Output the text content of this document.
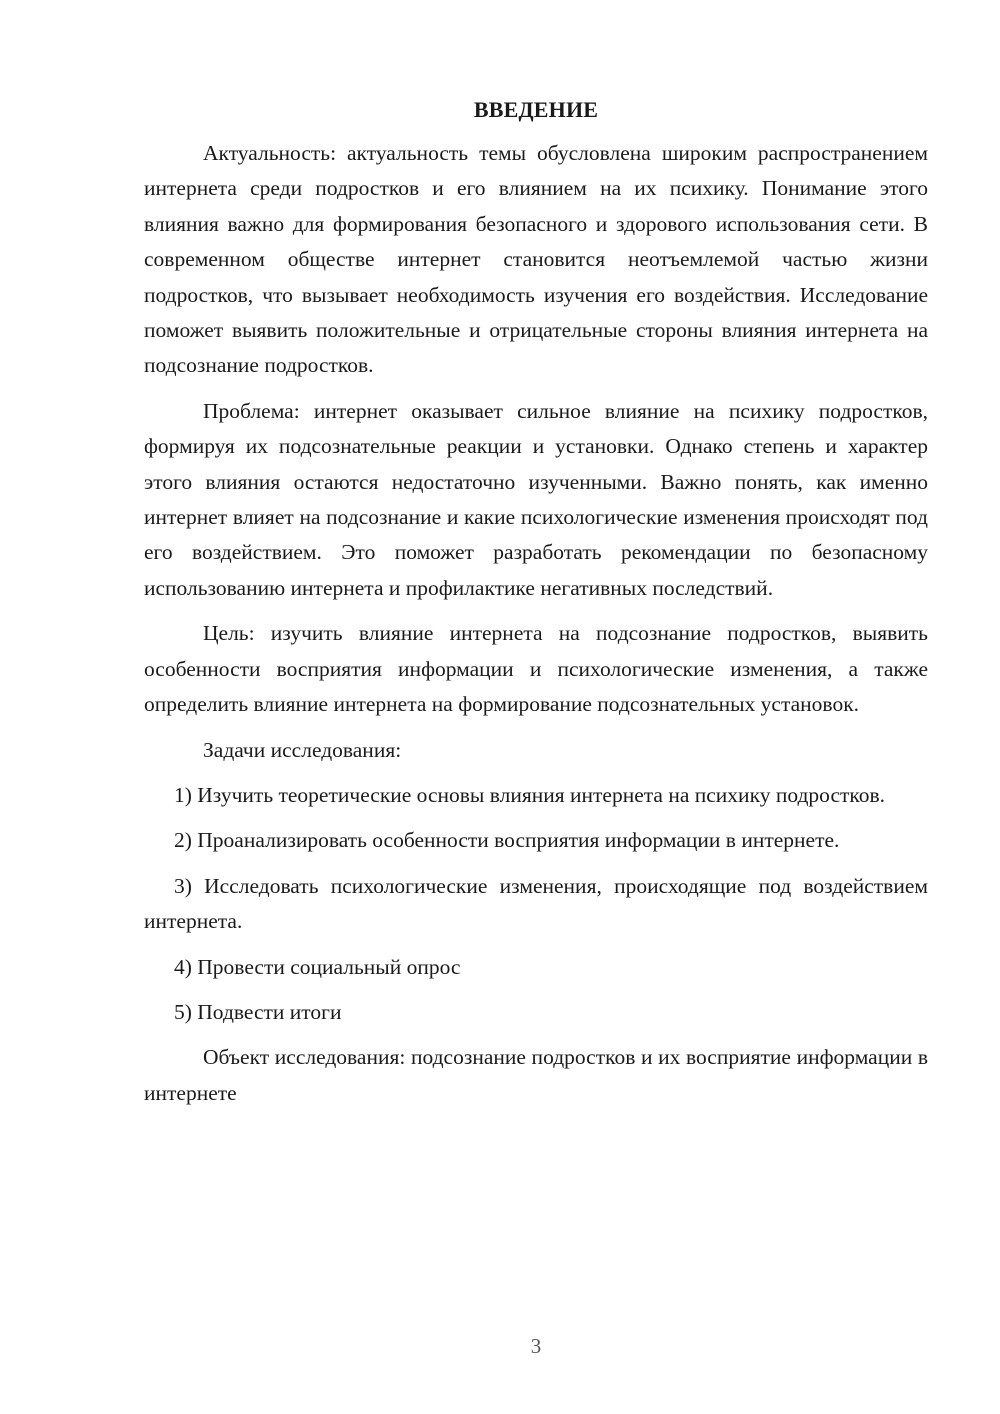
ВВЕДЕНИЕ

Актуальность: актуальность темы обусловлена широким распространением интернета среди подростков и его влиянием на их психику. Понимание этого влияния важно для формирования безопасного и здорового использования сети. В современном обществе интернет становится неотъемлемой частью жизни подростков, что вызывает необходимость изучения его воздействия. Исследование поможет выявить положительные и отрицательные стороны влияния интернета на подсознание подростков.

Проблема: интернет оказывает сильное влияние на психику подростков, формируя их подсознательные реакции и установки. Однако степень и характер этого влияния остаются недостаточно изученными. Важно понять, как именно интернет влияет на подсознание и какие психологические изменения происходят под его воздействием. Это поможет разработать рекомендации по безопасному использованию интернета и профилактике негативных последствий.

Цель: изучить влияние интернета на подсознание подростков, выявить особенности восприятия информации и психологические изменения, а также определить влияние интернета на формирование подсознательных установок.

Задачи исследования:

1) Изучить теоретические основы влияния интернета на психику подростков.

2) Проанализировать особенности восприятия информации в интернете.

3) Исследовать психологические изменения, происходящие под воздействием интернета.

4) Провести социальный опрос

5) Подвести итоги

Объект исследования: подсознание подростков и их восприятие информации в интернете

3
